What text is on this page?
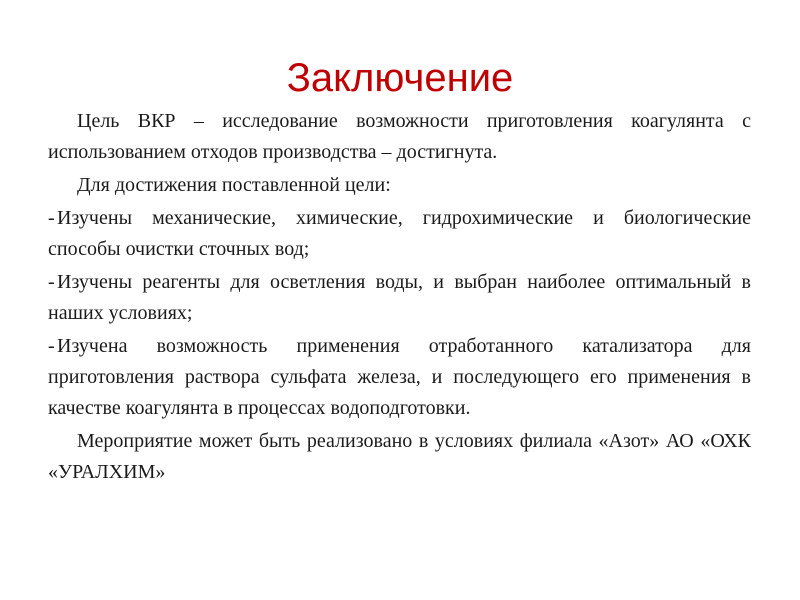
Заключение

Цель ВКР – исследование возможности приготовления коагулянта с использованием отходов производства – достигнута.

Для достижения поставленной цели:

- Изучены механические, химические, гидрохимические и биологические способы очистки сточных вод;

- Изучены реагенты для осветления воды, и выбран наиболее оптимальный в наших условиях;

- Изучена возможность применения отработанного катализатора для приготовления раствора сульфата железа, и последующего его применения в качестве коагулянта в процессах водоподготовки.

Мероприятие может быть реализовано в условиях филиала «Азот» АО «ОХК «УРАЛХИМ»
